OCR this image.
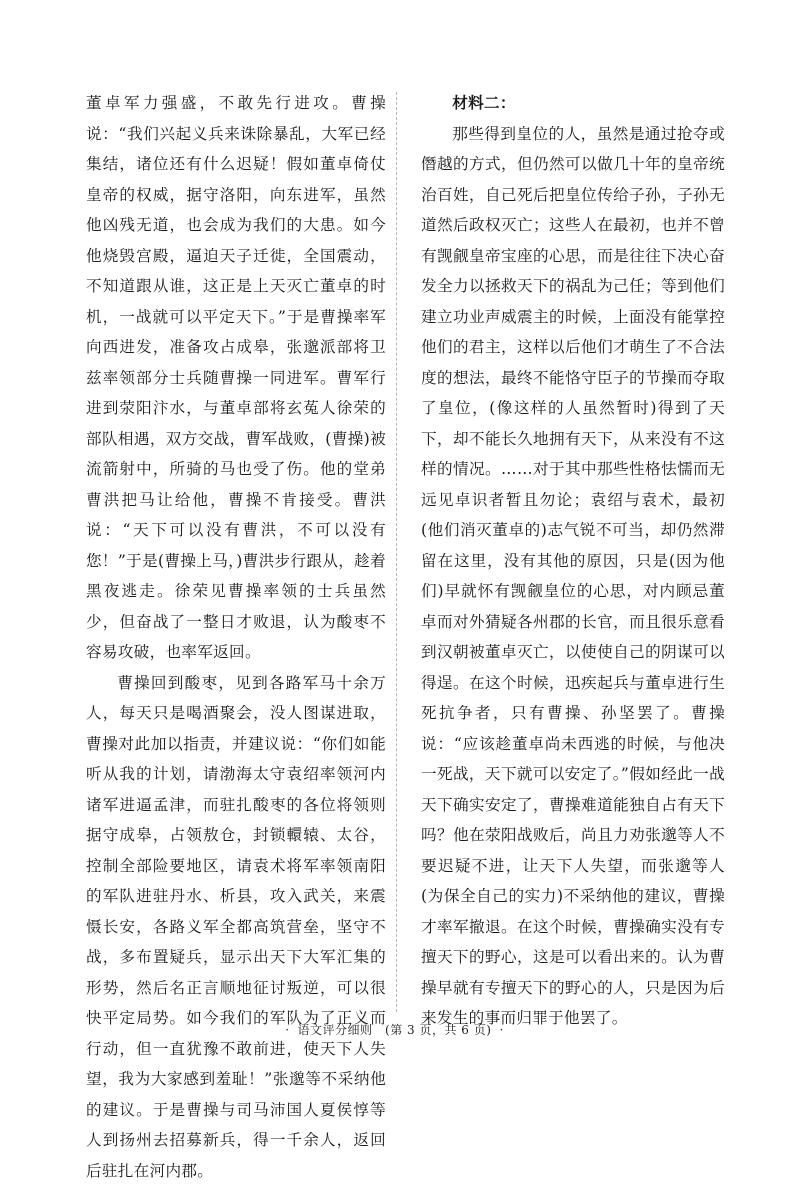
董卓军力强盛，不敢先行进攻。曹操说：“我们兴起义兵来诛除暴乱，大军已经集结，诸位还有什么迟疑！假如董卓倚仗皇帝的权威，据守洛阳，向东进军，虽然他凶残无道，也会成为我们的大患。如今他烧毁宫殿，逼迫天子迁徙，全国震动，不知道跟从谁，这正是上天灭亡董卓的时机，一战就可以平定天下。”于是曹操率军向西进发，准备攻占成皋，张邈派部将卫兹率领部分士兵随曹操一同进军。曹军行进到荥阳汴水，与董卓部将玄菟人徐荣的部队相遇，双方交战，曹军战败，(曹操)被流箭射中，所骑的马也受了伤。他的堂弟曹洪把马让给他，曹操不肯接受。曹洪说：“天下可以没有曹洪，不可以没有您！”于是(曹操上马，)曹洪步行跟从，趁着黑夜逃走。徐荣见曹操率领的士兵虽然少，但奋战了一整日才败退，认为酸枣不容易攻破，也率军返回。

曹操回到酸枣，见到各路军马十余万人，每天只是喝酒聚会，没人图谋进取，曹操对此加以指责，并建议说：“你们如能听从我的计划，请渤海太守袁绍率领河内诸军进逼孟津，而驻扎酸枣的各位将领则据守成皋，占领敖仓，封锁轘辕、太谷，控制全部险要地区，请袁术将军率领南阳的军队进驻丹水、析县，攻入武关，来震慑长安，各路义军全都高筑营垒，坚守不战，多布置疑兵，显示出天下大军汇集的形势，然后名正言顺地征讨叛逆，可以很快平定局势。如今我们的军队为了正义而行动，但一直犹豫不敢前进，使天下人失望，我为大家感到羞耻！”张邈等不采纳他的建议。于是曹操与司马沛国人夏侯惇等人到扬州去招募新兵，得一千余人，返回后驻扎在河内郡。

材料二：

那些得到皇位的人，虽然是通过抢夺或僭越的方式，但仍然可以做几十年的皇帝统治百姓，自己死后把皇位传给子孙，子孙无道然后政权灭亡；这些人在最初，也并不曾有觊觎皇帝宝座的心思，而是往往下决心奋发全力以拯救天下的祸乱为己任；等到他们建立功业声威震主的时候，上面没有能掌控他们的君主，这样以后他们才萌生了不合法度的想法，最终不能恪守臣子的节操而夺取了皇位，(像这样的人虽然暂时)得到了天下，却不能长久地拥有天下，从来没有不这样的情况。……对于其中那些性格怯懦而无远见卓识者暂且勿论；袁绍与袁术，最初(他们消灭董卓的)志气锐不可当，却仍然滞留在这里，没有其他的原因，只是(因为他们)早就怀有觊觎皇位的心思，对内顾忌董卓而对外猜疑各州郡的长官，而且很乐意看到汉朝被董卓灭亡，以使使自己的阴谋可以得逞。在这个时候，迅疾起兵与董卓进行生死抗争者，只有曹操、孙坚罢了。曹操说：“应该趁董卓尚未西逃的时候，与他决一死战，天下就可以安定了。”假如经此一战天下确实安定了，曹操难道能独自占有天下吗？他在荥阳战败后，尚且力劝张邈等人不要迟疑不进，让天下人失望，而张邈等人(为保全自己的实力)不采纳他的建议，曹操才率军撤退。在这个时候，曹操确实没有专擅天下的野心，这是可以看出来的。认为曹操早就有专擅天下的野心的人，只是因为后来发生的事而归罪于他罢了。

· 语文评分细则　(第 3 页，共 6 页) ·
